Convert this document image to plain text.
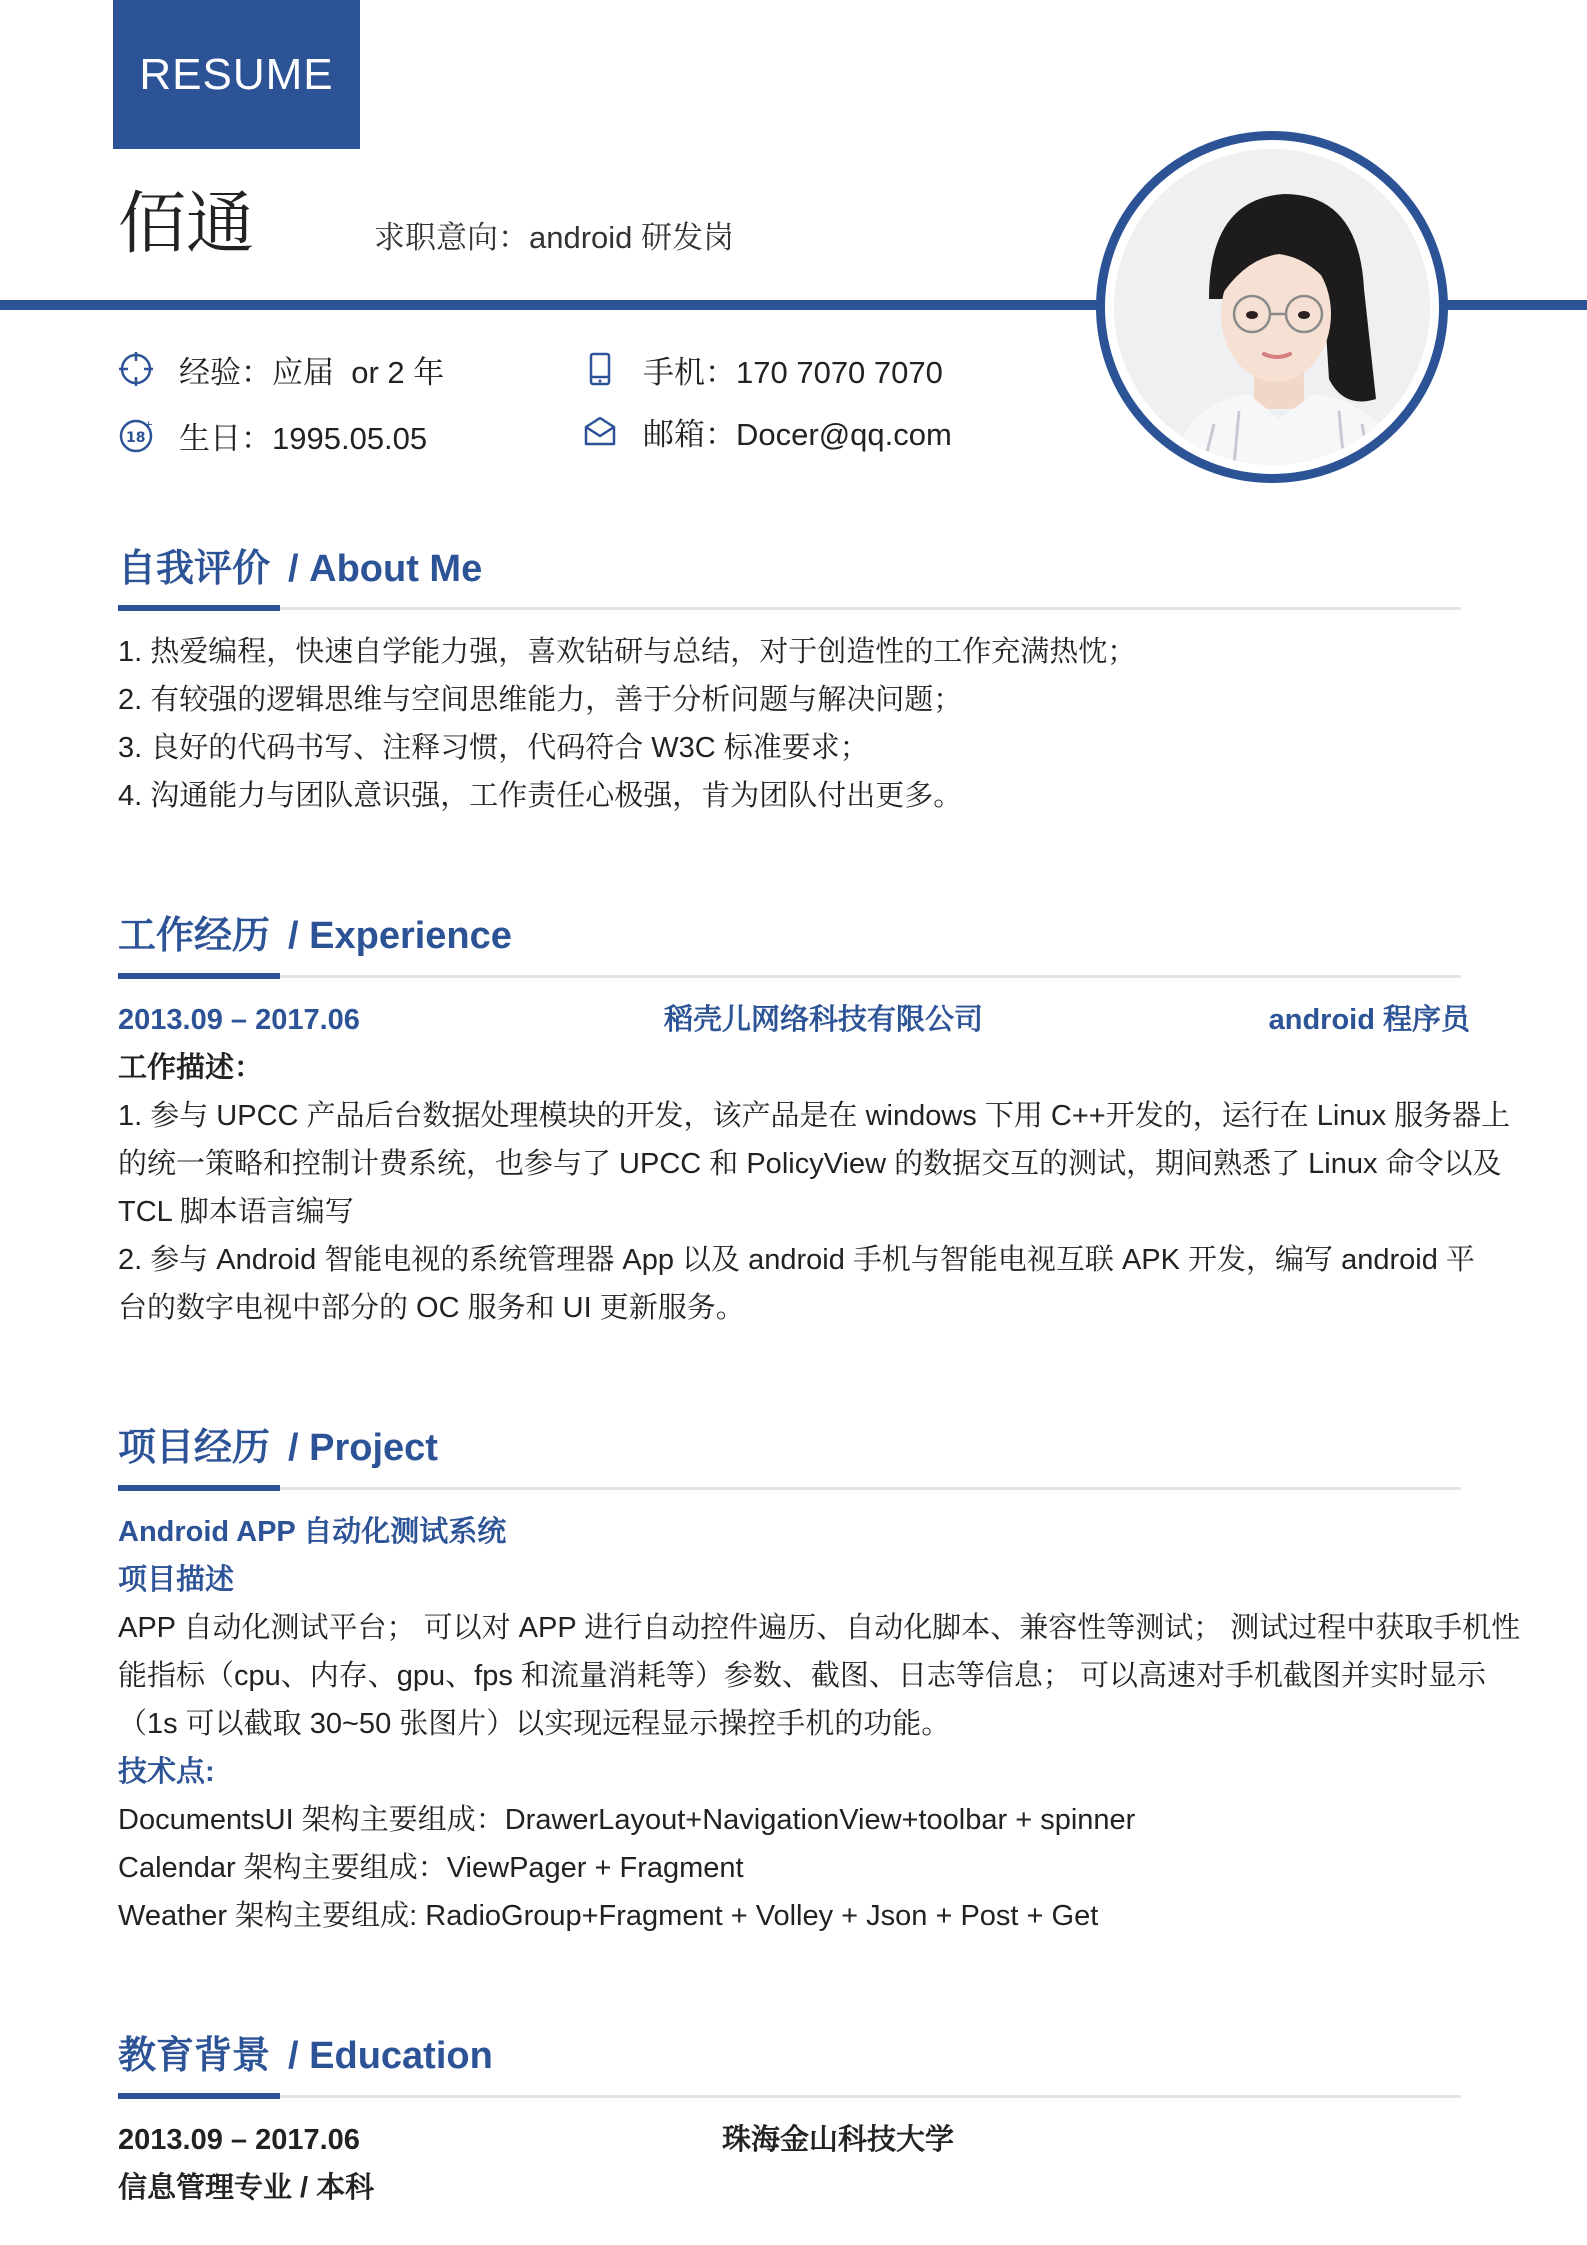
RESUME
佰通	求职意向：android 研发岗
经验：应届  or 2 年
18
+ 生日：1995.05.05
手机：170 7070 7070
邮箱：Docer@qq.com
自我评价 / About Me
1. 热爱编程，快速自学能力强，喜欢钻研与总结，对于创造性的工作充满热忱；
2. 有较强的逻辑思维与空间思维能力，善于分析问题与解决问题；
3. 良好的代码书写、注释习惯，代码符合 W3C 标准要求；
4. 沟通能力与团队意识强，工作责任心极强，肯为团队付出更多。
工作经历 / Experience
2013.09 – 2017.06	稻壳儿网络科技有限公司	android 程序员
工作描述：
1. 参与 UPCC 产品后台数据处理模块的开发，该产品是在 windows 下用 C++开发的，运行在 Linux 服务器上
的统一策略和控制计费系统，也参与了 UPCC 和 PolicyView 的数据交互的测试，期间熟悉了 Linux 命令以及
TCL 脚本语言编写
2. 参与 Android 智能电视的系统管理器 App 以及 android 手机与智能电视互联 APK 开发，编写 android 平
台的数字电视中部分的 OC 服务和 UI 更新服务。
项目经历 / Project
Android APP 自动化测试系统
项目描述
APP 自动化测试平台； 可以对 APP 进行自动控件遍历、自动化脚本、兼容性等测试； 测试过程中获取手机性
能指标（cpu、内存、gpu、fps 和流量消耗等）参数、截图、日志等信息； 可以高速对手机截图并实时显示
（1s 可以截取 30~50 张图片）以实现远程显示操控手机的功能。
技术点:
DocumentsUI 架构主要组成：DrawerLayout+NavigationView+toolbar + spinner
Calendar 架构主要组成：ViewPager + Fragment
Weather 架构主要组成: RadioGroup+Fragment + Volley + Json + Post + Get
教育背景 / Education
2013.09 – 2017.06	珠海金山科技大学
信息管理专业 / 本科
